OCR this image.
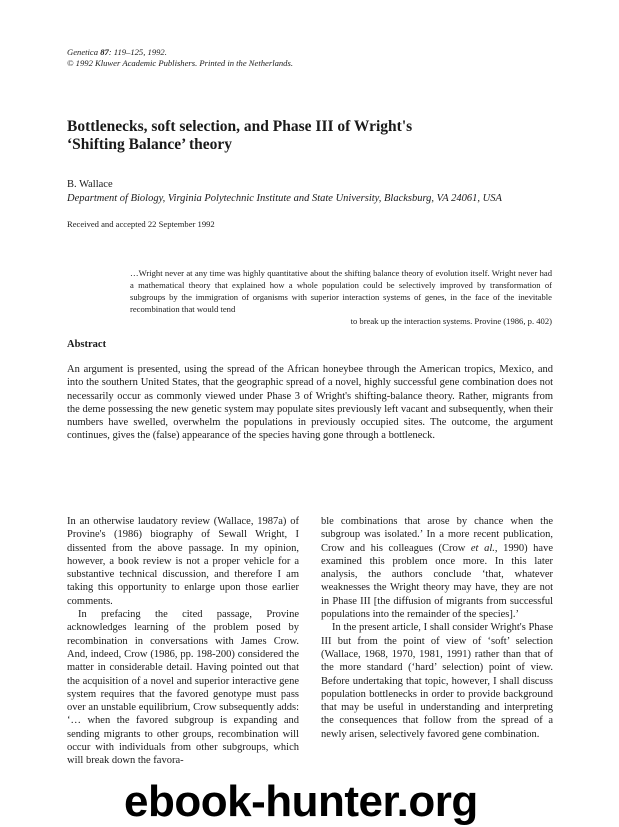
Genetica 87: 119–125, 1992.
© 1992 Kluwer Academic Publishers. Printed in the Netherlands.
Bottlenecks, soft selection, and Phase III of Wright's
‘Shifting Balance’ theory
B. Wallace
Department of Biology, Virginia Polytechnic Institute and State University, Blacksburg, VA 24061, USA
Received and accepted 22 September 1992
…Wright never at any time was highly quantitative about the shifting balance theory of evolution itself. Wright never had a mathematical theory that explained how a whole population could be selectively improved by transformation of subgroups by the immigration of organisms with superior interaction systems of genes, in the face of the inevitable recombination that would tend
to break up the interaction systems. Provine (1986, p. 402)
Abstract
An argument is presented, using the spread of the African honeybee through the American tropics, Mexico, and into the southern United States, that the geographic spread of a novel, highly successful gene combination does not necessarily occur as commonly viewed under Phase 3 of Wright's shifting-balance theory. Rather, migrants from the deme possessing the new genetic system may populate sites previously left vacant and subsequently, when their numbers have swelled, overwhelm the populations in previously occupied sites. The outcome, the argument continues, gives the (false) appearance of the species having gone through a bottleneck.

In an otherwise laudatory review (Wallace, 1987a) of Provine's (1986) biography of Sewall Wright, I dissented from the above passage. In my opinion, however, a book review is not a proper vehicle for a substantive technical discussion, and therefore I am taking this opportunity to enlarge upon those earlier comments.

In prefacing the cited passage, Provine acknowledges learning of the problem posed by recombination in conversations with James Crow. And, indeed, Crow (1986, pp. 198-200) considered the matter in considerable detail. Having pointed out that the acquisition of a novel and superior interactive gene system requires that the favored genotype must pass over an unstable equilibrium, Crow subsequently adds: ‘… when the favored subgroup is expanding and sending migrants to other groups, recombination will occur with individuals from other subgroups, which will break down the favora-

ble combinations that arose by chance when the subgroup was isolated.’ In a more recent publication, Crow and his colleagues (Crow et al., 1990) have examined this problem once more. In this later analysis, the authors conclude ‘that, whatever weaknesses the Wright theory may have, they are not in Phase III [the diffusion of migrants from successful populations into the remainder of the species].’

In the present article, I shall consider Wright's Phase III but from the point of view of ‘soft’ selection (Wallace, 1968, 1970, 1981, 1991) rather than that of the more standard (‘hard’ selection) point of view. Before undertaking that topic, however, I shall discuss population bottlenecks in order to provide background that may be useful in understanding and interpreting the consequences that follow from the spread of a newly arisen, selectively favored gene combination.

ebook-hunter.org
